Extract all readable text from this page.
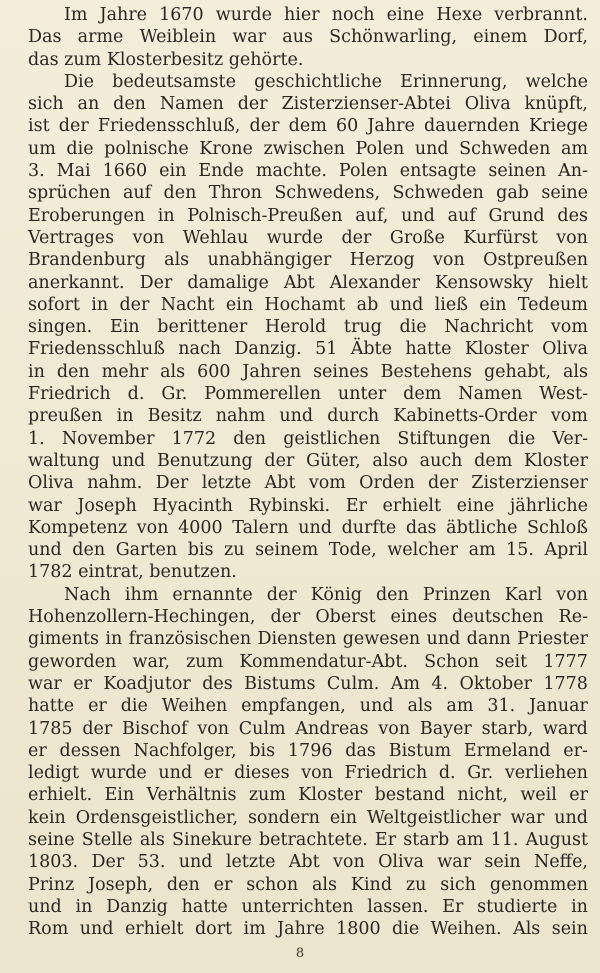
Im Jahre 1670 wurde hier noch eine Hexe verbrannt.
Das arme Weiblein war aus Schönwarling, einem Dorf,
das zum Klosterbesitz gehörte.
Die bedeutsamste geschichtliche Erinnerung, welche
sich an den Namen der Zisterzienser-Abtei Oliva knüpft,
ist der Friedensschluß, der dem 60 Jahre dauernden Kriege
um die polnische Krone zwischen Polen und Schweden am
3. Mai 1660 ein Ende machte. Polen entsagte seinen An-
sprüchen auf den Thron Schwedens, Schweden gab seine
Eroberungen in Polnisch-Preußen auf, und auf Grund des
Vertrages von Wehlau wurde der Große Kurfürst von
Brandenburg als unabhängiger Herzog von Ostpreußen
anerkannt. Der damalige Abt Alexander Kensowsky hielt
sofort in der Nacht ein Hochamt ab und ließ ein Tedeum
singen. Ein berittener Herold trug die Nachricht vom
Friedensschluß nach Danzig. 51 Äbte hatte Kloster Oliva
in den mehr als 600 Jahren seines Bestehens gehabt, als
Friedrich d. Gr. Pommerellen unter dem Namen West-
preußen in Besitz nahm und durch Kabinetts-Order vom
1. November 1772 den geistlichen Stiftungen die Ver-
waltung und Benutzung der Güter, also auch dem Kloster
Oliva nahm. Der letzte Abt vom Orden der Zisterzienser
war Joseph Hyacinth Rybinski. Er erhielt eine jährliche
Kompetenz von 4000 Talern und durfte das äbtliche Schloß
und den Garten bis zu seinem Tode, welcher am 15. April
1782 eintrat, benutzen.
Nach ihm ernannte der König den Prinzen Karl von
Hohenzollern-Hechingen, der Oberst eines deutschen Re-
giments in französischen Diensten gewesen und dann Priester
geworden war, zum Kommendatur-Abt. Schon seit 1777
war er Koadjutor des Bistums Culm. Am 4. Oktober 1778
hatte er die Weihen empfangen, und als am 31. Januar
1785 der Bischof von Culm Andreas von Bayer starb, ward
er dessen Nachfolger, bis 1796 das Bistum Ermeland er-
ledigt wurde und er dieses von Friedrich d. Gr. verliehen
erhielt. Ein Verhältnis zum Kloster bestand nicht, weil er
kein Ordensgeistlicher, sondern ein Weltgeistlicher war und
seine Stelle als Sinekure betrachtete. Er starb am 11. August
1803. Der 53. und letzte Abt von Oliva war sein Neffe,
Prinz Joseph, den er schon als Kind zu sich genommen
und in Danzig hatte unterrichten lassen. Er studierte in
Rom und erhielt dort im Jahre 1800 die Weihen. Als sein
8
